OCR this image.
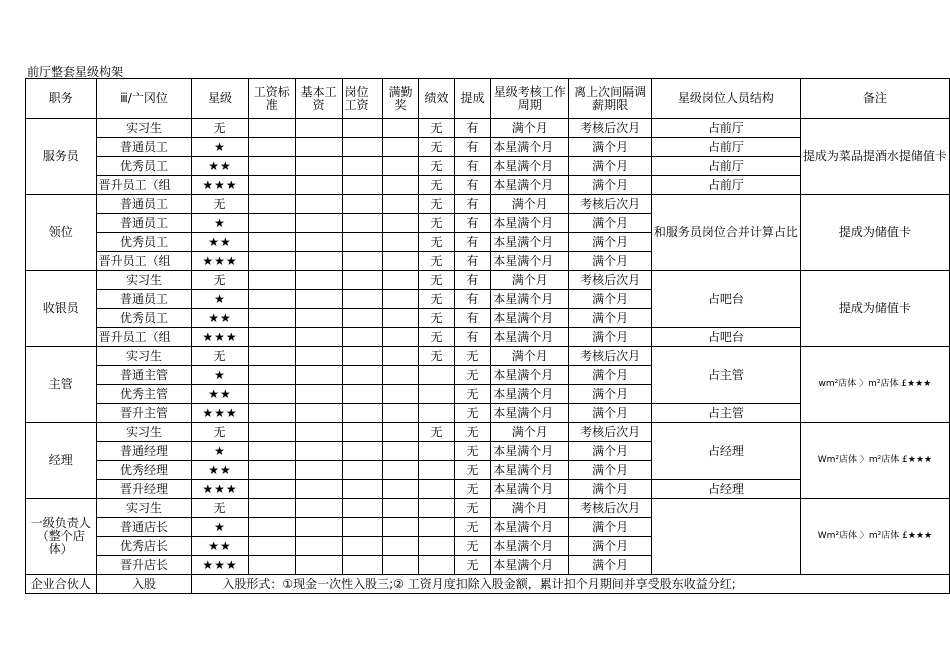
前厅整套星级构架
职务	ⅲ/亠冈位	星级	工资标准	基本工资	岗位工资	满勤奖	绩效	提成	星级考核工作周期	离上次间隔调薪期限	星级岗位人员结构	备注
服务员	实习生	无					无	有	满个月	考核后次月	占前厅	提成为菜品提酒水提储值卡
	普通员工	★					无	有	本星满个月	满个月	占前厅	
	优秀员工	★★					无	有	本星满个月	满个月	占前厅	
	晋升员工（组	★★★					无	有	本星满个月	满个月	占前厅	
领位	普通员工	无					无	有	满个月	考核后次月	和服务员岗位合并计算占比	提成为储值卡
	普通员工	★					无	有	本星满个月	满个月		
	优秀员工	★★					无	有	本星满个月	满个月		
	晋升员工（组	★★★					无	有	本星满个月	满个月		
收银员	实习生	无					无	有	满个月	考核后次月	占吧台	提成为储值卡
	普通员工	★					无	有	本星满个月	满个月		
	优秀员工	★★					无	有	本星满个月	满个月		
	晋升员工（组	★★★					无	有	本星满个月	满个月	占吧台	
主管	实习生	无					无	无	满个月	考核后次月	占主管	wm²店体 〉m²店体 £★★★
	普通主管	★						无	本星满个月	满个月		
	优秀主管	★★						无	本星满个月	满个月		
	晋升主管	★★★						无	本星满个月	满个月	占主管	
经理	实习生	无					无	无	满个月	考核后次月	占经理	Wm²店体 〉m²店体 £★★★
	普通经理	★						无	本星满个月	满个月		
	优秀经理	★★						无	本星满个月	满个月		
	晋升经理	★★★						无	本星满个月	满个月	占经理	
一级负责人（整个店体）	实习生	无						无	满个月	考核后次月		Wm²店体 〉m²店体 £★★★
	普通店长	★						无	本星满个月	满个月		
	优秀店长	★★						无	本星满个月	满个月		
	晋升店长	★★★						无	本星满个月	满个月		
企业合伙人	入股	入股形式：①现金一次性入股三;② 工资月度扣除入股金额，累计扣个月期间并享受股东收益分红;										
